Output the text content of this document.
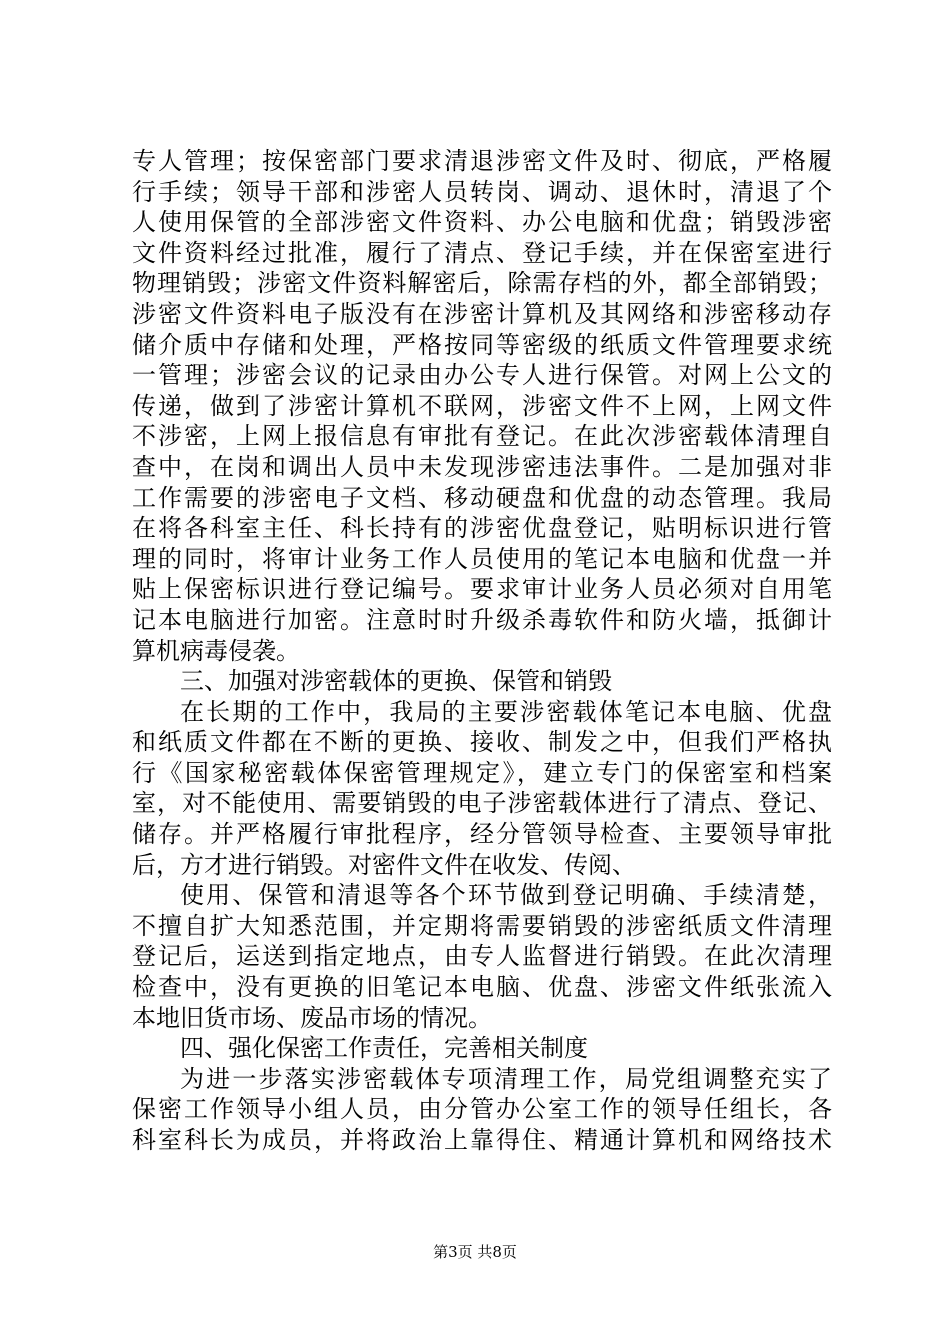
专人管理；按保密部门要求清退涉密文件及时、彻底，严格履
行手续；领导干部和涉密人员转岗、调动、退休时，清退了个
人使用保管的全部涉密文件资料、办公电脑和优盘；销毁涉密
文件资料经过批准，履行了清点、登记手续，并在保密室进行
物理销毁；涉密文件资料解密后，除需存档的外，都全部销毁；
涉密文件资料电子版没有在涉密计算机及其网络和涉密移动存
储介质中存储和处理，严格按同等密级的纸质文件管理要求统
一管理；涉密会议的记录由办公专人进行保管。对网上公文的
传递，做到了涉密计算机不联网，涉密文件不上网，上网文件
不涉密，上网上报信息有审批有登记。在此次涉密载体清理自
查中，在岗和调出人员中未发现涉密违法事件。二是加强对非
工作需要的涉密电子文档、移动硬盘和优盘的动态管理。我局
在将各科室主任、科长持有的涉密优盘登记，贴明标识进行管
理的同时，将审计业务工作人员使用的笔记本电脑和优盘一并
贴上保密标识进行登记编号。要求审计业务人员必须对自用笔
记本电脑进行加密。注意时时升级杀毒软件和防火墙，抵御计
算机病毒侵袭。
三、加强对涉密载体的更换、保管和销毁
在长期的工作中，我局的主要涉密载体笔记本电脑、优盘
和纸质文件都在不断的更换、接收、制发之中，但我们严格执
行《国家秘密载体保密管理规定》，建立专门的保密室和档案
室，对不能使用、需要销毁的电子涉密载体进行了清点、登记、
储存。并严格履行审批程序，经分管领导检查、主要领导审批
后，方才进行销毁。对密件文件在收发、传阅、
使用、保管和清退等各个环节做到登记明确、手续清楚，
不擅自扩大知悉范围，并定期将需要销毁的涉密纸质文件清理
登记后，运送到指定地点，由专人监督进行销毁。在此次清理
检查中，没有更换的旧笔记本电脑、优盘、涉密文件纸张流入
本地旧货市场、废品市场的情况。
四、强化保密工作责任，完善相关制度
为进一步落实涉密载体专项清理工作，局党组调整充实了
保密工作领导小组人员，由分管办公室工作的领导任组长，各
科室科长为成员，并将政治上靠得住、精通计算机和网络技术
第3页 共8页
